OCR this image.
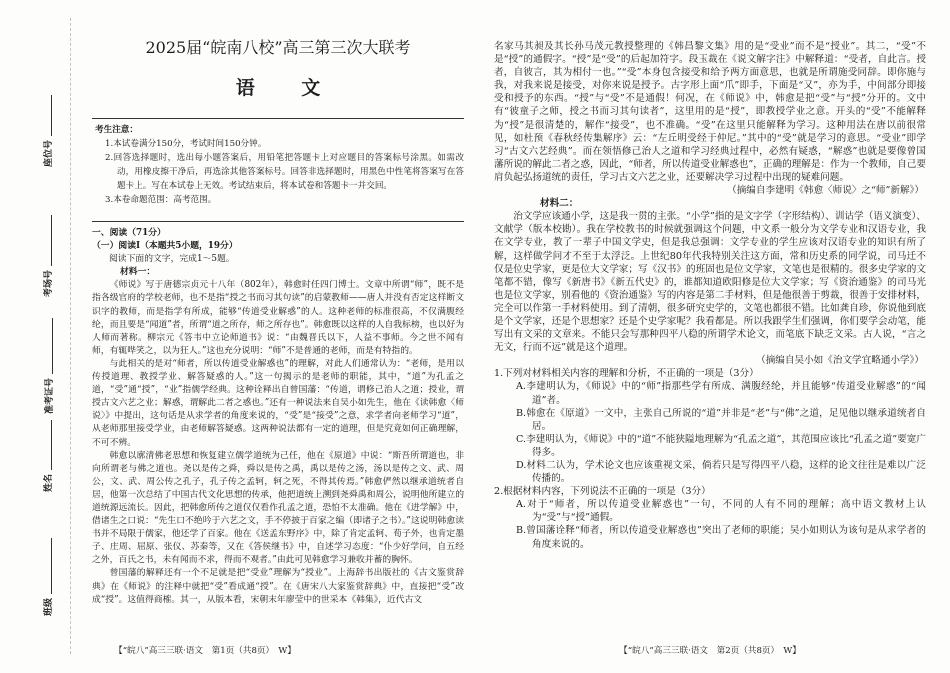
座位号
考场号
准考证号
姓名
班级
2025届“皖南八校”高三第三次大联考
语 文
考生注意：
1.本试卷满分150分，考试时间150分钟。
2.回答选择题时，选出每小题答案后，用铅笔把答题卡上对应题目的答案标号涂黑。如需改动，用橡皮擦干净后，再选涂其他答案标号。回答非选择题时，用黑色中性笔将答案写在答题卡上。写在本试卷上无效。考试结束后，将本试卷和答题卡一并交回。
3.本卷命题范围：高考范围。
一、阅读（71分）
（一）阅读Ⅰ（本题共5小题，19分）
阅读下面的文字，完成1～5题。
材料一：

《师说》写于唐德宗贞元十八年（802年），韩愈时任四门博士。文章中所谓“师”，既不是指各级官府的学校老师，也不是指“授之书而习其句读”的启蒙教师——唐人并没有否定这样断文识字的教师，而是指学有所成，能够“传道受业解惑”的人。这种老师的标准很高，不仅满腹经纶，而且要是“闻道”者，所谓“道之所存，师之所存也”。韩愈既以这样的人自我标榜，也以好为人师而著称。柳宗元《答韦中立论师道书》说：“由魏晋氏以下，人益不事师。今之世不闻有师，有辄哗笑之，以为狂人。”这也充分说明：“师”不是普通的老师，而是有特指的。

与此相关的是对“师者，所以传道受业解惑也”的理解，对此人们通常认为：“老师，是用以传授道理、教授学业、解答疑惑的人。”这一句揭示的是老师的职能，其中，“道”为孔孟之道，“受”通“授”，“业”指儒学经典。这种诠释出自曾国藩：“传道，谓修己治人之道；授业，谓授古文六艺之业；解惑，谓解此二者之惑也。”还有一种说法来自吴小如先生，他在《读韩愈〈师说〉》中提出，这句话是从求学者的角度来说的，“受”是“接受”之意，求学者向老师学习“道”，从老师那里接受学业，由老师解答疑惑。这两种说法都有一定的道理，但是究竟如何正确理解，不可不辨。

韩愈以廓清佛老思想和恢复建立儒学道统为己任，他在《原道》中说：“斯吾所谓道也，非向所谓老与佛之道也。尧以是传之舜，舜以是传之禹，禹以是传之汤，汤以是传之文、武、周公，文、武、周公传之孔子，孔子传之孟轲，轲之死，不得其传焉。”韩愈俨然以继承道统者自居，他第一次总结了中国古代文化思想的传承，他把道统上溯到尧舜禹和周公，说明他所建立的道统源远流长。因此，把韩愈所传之道仅仅看作孔孟之道，恐怕不太准确。他在《进学解》中，借诸生之口说：“先生口不绝吟于六艺之文，手不停披于百家之编（即诸子之书）。”这说明韩愈读书并不局限于儒家，他还学了百家。他在《送孟东野序》中，除了肯定孟轲、荀子外，也肯定墨子、庄周、屈原、张仪、苏秦等，又在《答侯继书》中，自述学习态度：“仆少好学问，自五经之外，百氏之书，未有闻而不求，得而不观者。”由此可见韩愈学习兼收并蓄的胸怀。

曾国藩的解释还有一个不足就是把“受业”理解为“授业”。上海辞书出版社的《古文鉴赏辞典》在《师说》的注释中就把“受”看成通“授”。在《唐宋八大家鉴赏辞典》中，直接把“受”改成“授”。这值得商榷。其一，从版本看，宋朝末年廖莹中的世采本《韩集》，近代古文

名家马其昶及其长孙马茂元教授整理的《韩昌黎文集》用的是“受业”而不是“授业”。其二，“受”不是“授”的通假字。“授”是“受”的后起加符字。段玉裁在《说文解字注》中解释道：“受者，自此言。授者，自彼言，其为相付一也。”“受”本身包含接受和给予两方面意思，也就是所谓施受同辞。即你施与我，对我来说是接受，对你来说是授予。古字形上面“爪”即手，下面是“又”，亦为手，中间部分即接受和授予的东西。“授”与“受”不是通假！何况，在《师说》中，韩愈是把“受”与“授”分开的。文中有“彼童子之师，授之书而习其句读者”，这里用的是“授”，即教授学业之意。开头的“受”不能解释为“授”是很清楚的，解作“接受”，也不准确。“受”在这里只能解释为学习。这种用法在唐以前很常见，如杜预《春秋经传集解序》云：“左丘明受经于仲尼。”其中的“受”就是学习的意思。“受业”即学习“古文六艺经典”。而在领悟修己治人之道和学习经典过程中，必然有疑惑，“解惑”也就是要像曾国藩所说的解此二者之惑，因此，“师者，所以传道受业解惑也”，正确的理解是：作为一个教师，自己要肩负起弘扬道统的责任，学习古文六艺之业，还要解决学习过程中出现的疑难问题。

（摘编自李建明《韩愈〈师说〉之“师”新解》）
材料二：

治文学应该通小学，这是我一贯的主张。“小学”指的是文字学（字形结构）、训诂学（语义演变）、文献学（版本校勘）。我在学校教书的时候就强调这个问题，中文系一般分为文学专业和汉语专业，我在文学专业，教了一辈子中国文学史，但是我总强调：文学专业的学生应该对汉语专业的知识有所了解，这样做学问才不至于太浮泛。上世纪80年代我特别关注这方面，常和历史系的同学说，司马迁不仅是位史学家，更是位大文学家；写《汉书》的班固也是位文学家，文笔也是很精的。很多史学家的文笔都不错，像写《新唐书》《新五代史》的，谁都知道欧阳修是位大文学家；写《资治通鉴》的司马光也是位文学家，别看他的《资治通鉴》写的内容是第二手材料，但是他很善于剪裁，很善于安排材料，完全可以作第一手材料使用。到了清朝，很多研究史学的，文笔也都很不错。比如龚自珍，你说他到底是个文学家，还是个思想家？还是个史学家呢？我看都是。所以我跟学生们强调，你们要学会动笔，能写出有文采的文章来。不能只会写那种四平八稳的所谓学术论文，而笔底下缺乏文采。古人说，“言之无文，行而不远”就是这个道理。

（摘编自吴小如《治文学宜略通小学》）
1.下列对材料相关内容的理解和分析，不正确的一项是（3分）
A.李建明认为，《师说》中的“师”指那些学有所成、满腹经纶，并且能够“传道受业解惑”的“闻道”者。
B.韩愈在《原道》一文中，主张自己所说的“道”并非是“老”与“佛”之道，足见他以继承道统者自居。
C.李建明认为，《师说》中的“道”不能狭隘地理解为“孔孟之道”，其范围应该比“孔孟之道”要宽广得多。
D.材料二认为，学术论文也应该重视文采，倘若只是写得四平八稳，这样的论文往往是难以广泛传播的。
2.根据材料内容，下列说法不正确的一项是（3分）
A.对于“师者，所以传道受业解惑也”一句，不同的人有不同的理解；高中语文教材上认为“受”与“授”通假。
B.曾国藩诠释“师者，所以传道受业解惑也”突出了老师的职能；吴小如则认为该句是从求学者的角度来说的。
【“皖八”高三三联·语文　第1页（共8页）　W】	【“皖八”高三三联·语文　第2页（共8页）　W】
